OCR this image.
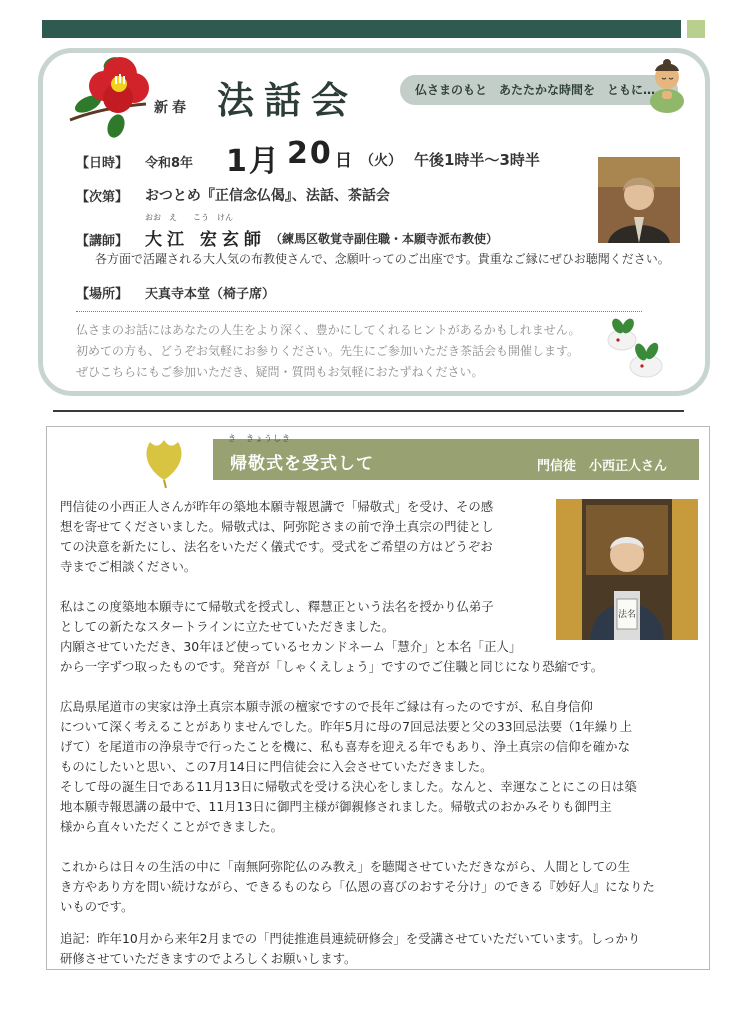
新春 法話会	仏さまのもと　あたたかな時間を　ともに…
【日時】 令和8年 1月 20 日 （火） 午後1時半～3時半
【次第】 おつとめ『正信念仏偈』、法話、茶話会
おお　え　　こう　けん
【講師】 大江 宏玄師 （練馬区敬覚寺副住職・本願寺派布教使）
各方面で活躍される大人気の布教使さんで、念願叶ってのご出座です。貴重なご縁にぜひお聴聞ください。
【場所】 天真寺本堂（椅子席）
仏さまのお話にはあなたの人生をより深く、豊かにしてくれるヒントがあるかもしれません。
初めての方も、どうぞお気軽にお参りください。先生にご参加いただき茶話会も開催します。
ぜひこちらにもご参加いただき、疑問・質問もお気軽におたずねください。
き　きょうしき
帰敬式を受式して	門信徒　小西正人さん
法名
門信徒の小西正人さんが昨年の築地本願寺報恩講で「帰敬式」を受け、その感
想を寄せてくださいました。帰敬式は、阿弥陀さまの前で浄土真宗の門徒とし
ての決意を新たにし、法名をいただく儀式です。受式をご希望の方はどうぞお
寺までご相談ください。
私はこの度築地本願寺にて帰敬式を授式し、釋慧正という法名を授かり仏弟子
としての新たなスタートラインに立たせていただきました。
内願させていただき、30年ほど使っているセカンドネーム「慧介」と本名「正人」
から一字ずつ取ったものです。発音が「しゃくえしょう」ですのでご住職と同じになり恐縮です。
広島県尾道市の実家は浄土真宗本願寺派の檀家ですので長年ご縁は有ったのですが、私自身信仰
について深く考えることがありませんでした。昨年5月に母の7回忌法要と父の33回忌法要（1年繰り上
げて）を尾道市の浄泉寺で行ったことを機に、私も喜寿を迎える年でもあり、浄土真宗の信仰を確かな
ものにしたいと思い、この7月14日に門信徒会に入会させていただきました。
そして母の誕生日である11月13日に帰敬式を受ける決心をしました。なんと、幸運なことにこの日は築
地本願寺報恩講の最中で、11月13日に御門主様が御親修されました。帰敬式のおかみそりも御門主
様から直々いただくことができました。
これからは日々の生活の中に「南無阿弥陀仏のみ教え」を聴聞させていただきながら、人間としての生
き方やあり方を問い続けながら、できるものなら「仏恩の喜びのおすそ分け」のできる『妙好人』になりた
いものです。
追記：昨年10月から来年2月までの「門徒推進員連続研修会」を受講させていただいています。しっかり
研修させていただきますのでよろしくお願いします。
